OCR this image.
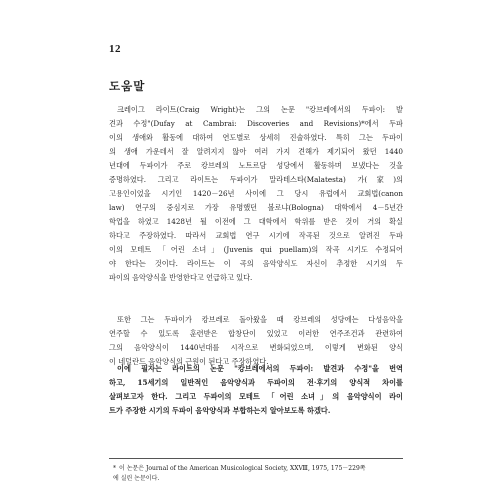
12
도움말
크레이그 라이트(Craig Wright)는 그의 논문 "캉브레에서의 두파이: 발
견과 수정"(Dufay at Cambrai: Discoveries and Revisions)*에서 두파
이의 생애와 활동에 대하여 연도별로 상세히 진술하였다. 특히 그는 두파이
의 생애 가운데서 잘 알려지지 않아 여러 가지 견해가 제기되어 왔던 1440
년대에 두파이가 주로 캉브레의 노트르담 성당에서 활동하며 보냈다는 것을
증명하였다. 그리고 라이트는 두파이가 말라테스타(Malatesta) 가(家)의
고용인이었을 시기인 1420－26년 사이에 그 당시 유럽에서 교회법(canon
law) 연구의 중심지로 가장 유명했던 볼로냐(Bologna) 대학에서 4－5년간
학업을 하였고 1428년 될 이전에 그 대학에서 학위를 받은 것이 거의 확실
하다고 주장하였다. 따라서 교회법 연구 시기에 작곡된 것으로 알려진 두파
이의 모테트 「어린 소녀」(Juvenis qui puellam)의 작곡 시기도 수정되어
야 한다는 것이다. 라이트는 이 곡의 음악양식도 자신이 추정한 시기의 두
파이의 음악양식을 반영한다고 언급하고 있다.
또한 그는 두파이가 캉브레로 돌아왔을 때 캉브레의 성당에는 다성음악을
연주할 수 있도록 훈련받은 합창단이 있었고 이러한 연주조건과 관련하여
그의 음악양식이 1440년대를 시작으로 변화되었으며, 이렇게 변화된 양식
이 네덜란드 음악양식의 근원이 된다고 주장하였다.
이에 필자는 라이트의 논문 "캉브레에서의 두파이: 발견과 수정"을 번역
하고, 15세기의 일반적인 음악양식과 두파이의 전·후기의 양식적 차이를
살펴보고자 한다. 그리고 두파이의 모테트 「어린 소녀」의 음악양식이 라이
트가 주장한 시기의 두파이 음악양식과 부합하는지 알아보도록 하겠다.
* 이 논문은 Journal of the American Musicological Society, ⅩⅩⅧ, 1975, 175－229쪽
에 실린 논문이다.
